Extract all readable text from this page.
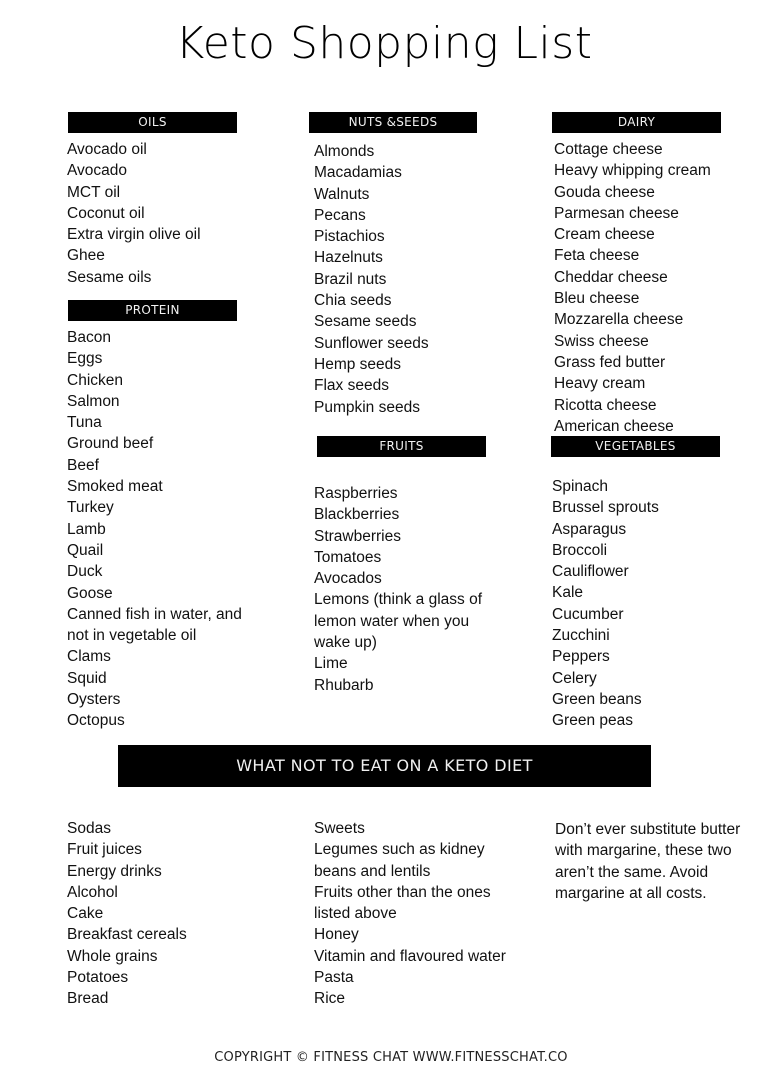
Keto Shopping List
OILS
Avocado oil
Avocado
MCT oil
Coconut oil
Extra virgin olive oil
Ghee
Sesame oils
PROTEIN
Bacon
Eggs
Chicken
Salmon
Tuna
Ground beef
Beef
Smoked meat
Turkey
Lamb
Quail
Duck
Goose
Canned fish in water, and
not in vegetable oil
Clams
Squid
Oysters
Octopus
NUTS &SEEDS
Almonds
Macadamias
Walnuts
Pecans
Pistachios
Hazelnuts
Brazil nuts
Chia seeds
Sesame seeds
Sunflower seeds
Hemp seeds
Flax seeds
Pumpkin seeds
FRUITS
Raspberries
Blackberries
Strawberries
Tomatoes
Avocados
Lemons (think a glass of
lemon water when you
wake up)
Lime
Rhubarb
DAIRY
Cottage cheese
Heavy whipping cream
Gouda cheese
Parmesan cheese
Cream cheese
Feta cheese
Cheddar cheese
Bleu cheese
Mozzarella cheese
Swiss cheese
Grass fed butter
Heavy cream
Ricotta cheese
American cheese
VEGETABLES
Spinach
Brussel sprouts
Asparagus
Broccoli
Cauliflower
Kale
Cucumber
Zucchini
Peppers
Celery
Green beans
Green peas
WHAT NOT TO EAT ON A KETO DIET
Sodas
Fruit juices
Energy drinks
Alcohol
Cake
Breakfast cereals
Whole grains
Potatoes
Bread
Sweets
Legumes such as kidney
beans and lentils
Fruits other than the ones
listed above
Honey
Vitamin and flavoured water
Pasta
Rice
Don’t ever substitute butter with margarine, these two aren’t the same. Avoid margarine at all costs.
COPYRIGHT © FITNESS CHAT WWW.FITNESSCHAT.CO
